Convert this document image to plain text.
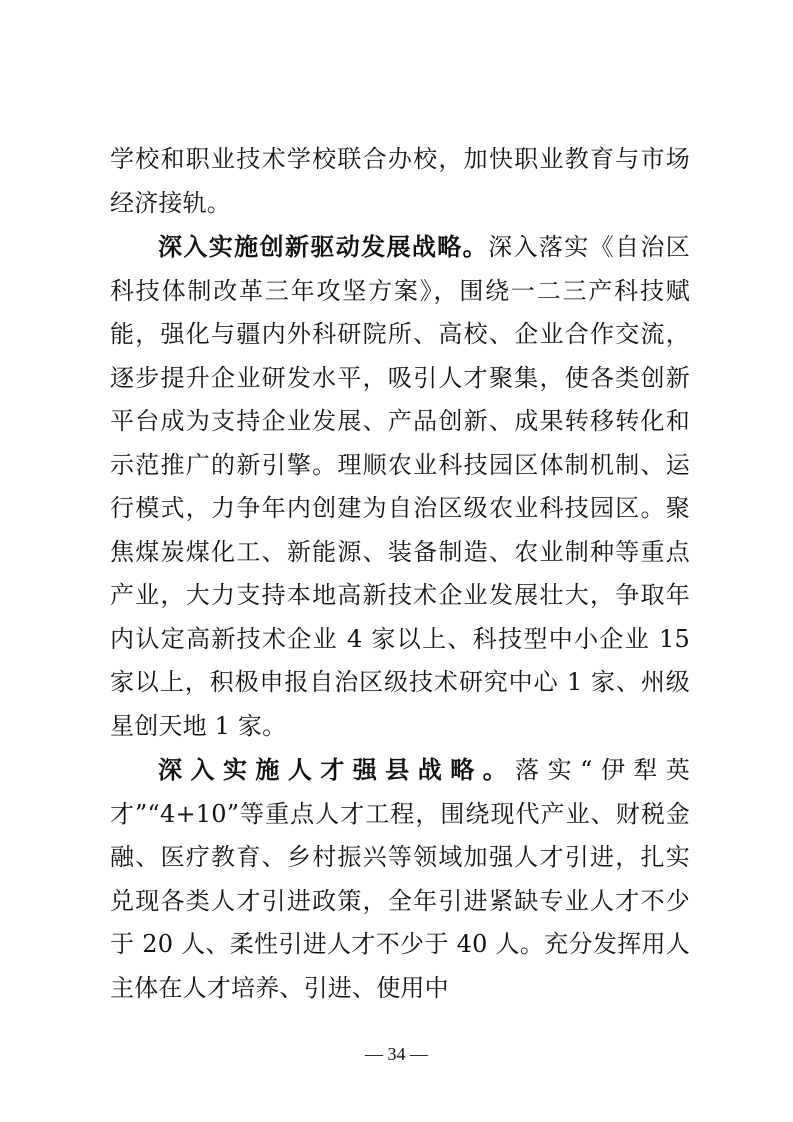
学校和职业技术学校联合办校，加快职业教育与市场经济接轨。

深入实施创新驱动发展战略。深入落实《自治区科技体制改革三年攻坚方案》，围绕一二三产科技赋能，强化与疆内外科研院所、高校、企业合作交流，逐步提升企业研发水平，吸引人才聚集，使各类创新平台成为支持企业发展、产品创新、成果转移转化和示范推广的新引擎。理顺农业科技园区体制机制、运行模式，力争年内创建为自治区级农业科技园区。聚焦煤炭煤化工、新能源、装备制造、农业制种等重点产业，大力支持本地高新技术企业发展壮大，争取年内认定高新技术企业 4 家以上、科技型中小企业 15 家以上，积极申报自治区级技术研究中心 1 家、州级星创天地 1 家。

深入实施人才强县战略。落实“伊犁英才”“4+10”等重点人才工程，围绕现代产业、财税金融、医疗教育、乡村振兴等领域加强人才引进，扎实兑现各类人才引进政策，全年引进紧缺专业人才不少于 20 人、柔性引进人才不少于 40 人。充分发挥用人主体在人才培养、引进、使用中

— 34 —
